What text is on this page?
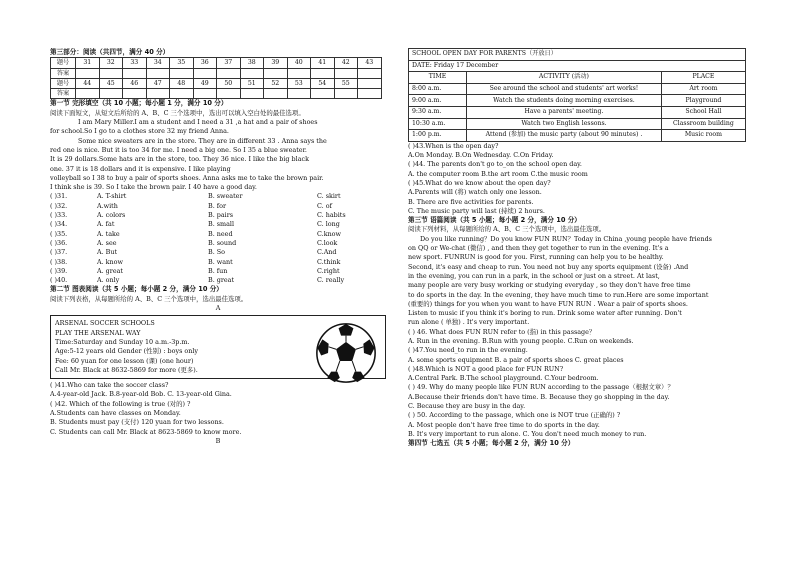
第三部分：阅读（共四节，满分 40 分）
题号	31	32	33	34	35	36	37	38	39	40	41	42	43
答案													
题号	44	45	46	47	48	49	50	51	52	53	54	55	
答案													
第一节 完形填空（共 10 小题；每小题 1 分，满分 10 分）
阅读下面短文，从短文后所给的 A、B、C 三个选项中，选出可以填入空白处的最佳选项。
I am Mary Miller.I am a student and I need a 31 ,a hat and a pair of shoes
for school.So I go to a clothes store 32 my friend Anna.
Some nice sweaters are in the store. They are in different 33 . Anna says the
red one is nice. But it is too 34 for me. I need a big one. So I 35 a blue sweater.
It is 29 dollars.Some hats are in the store, too. They 36 nice. I like the big black
one. 37 it is 18 dollars and it is expensive. I like playing
volleyball so I 38 to buy a pair of sports shoes. Anna asks me to take the brown pair.
I think she is 39. So I take the brown pair. I 40 have a good day.
( )31.	A. T-shirt	B. sweater	C. skirt
( )32.	A.with	B. for	C. of
( )33.	A. colors	B. pairs	C. habits
( )34.	A. fat	B. small	C. long
( )35.	A. take	B. need	C.know
( )36.	A. see	B. sound	C.look
( )37.	A. But	B. So	C.And
( )38.	A. know	B. want	C.think
( )39.	A. great	B. fun	C.right
( )40.	A. only	B. great	C. really
第二节 图表阅读（共 5 小题；每小题 2 分，满分 10 分）
阅读下列表格，从每题所给的 A、B、C 三个选项中，选出最佳选项。
A
ARSENAL SOCCER SCHOOLS
PLAY THE ARSENAL WAY
Time:Saturday and Sunday 10 a.m.-3p.m.
Age:5-12 years old Gender (性别) : boys only
Fee: 60 yuan for one lesson (课) (one hour)
Call Mr. Black at 8632-5869 for more (更多).
( )41.Who can take the soccer class?
A.4-year-old Jack. B.8-year-old Bob. C. 13-year-old Gina.
( )42. Which of the following is true (对的) ?
A.Students can have classes on Monday.
B. Students must pay (支付) 120 yuan for two lessons.
C. Students can call Mr. Black at 8623-5869 to know more.
B
SCHOOL OPEN DAY FOR PARENTS（开放日）		
DATE: Friday 17 December		
TIME	ACTIVITY (活动)	PLACE
8:00 a.m.	See around the school and students' art works!	Art room
9:00 a.m.	Watch the students doing morning exercises.	Playground
9:30 a.m.	Have a parents' meeting.	School Hall
10:30 a.m.	Watch two English lessons.	Classroom building
1:00 p.m.	Attend (参加) the music party (about 90 minutes) .	Music room
( )43.When is the open day?
A.On Monday. B.On Wednesday. C.On Friday.
( )44. The parents don't go to_on the school open day.
A. the computer room B.the art room C.the music room
( )45.What do we know about the open day?
A.Parents will (将) watch only one lesson.
B. There are five activities for parents.
C. The music party will last (持续) 2 hours.
第三节 语篇阅读（共 5 小题；每小题 2 分，满分 10 分）
阅读下列材料，从每题所给的 A、B、C 三个选项中，选出最佳选项。
Do you like running？Do you know FUN RUN？Today in China ,young people have friends
on QQ or We-chat (微信) , and then they get together to run in the evening. It's a
new sport. FUNRUN is good for you. First, running can help you to be healthy.
Second, it's easy and cheap to run. You need not buy any sports equipment (设备) .And
in the evening, you can run in a park, in the school or just on a street. At last,
many people are very busy working or studying everyday , so they don't have free time
to do sports in the day. In the evening, they have much time to run.Here are some important
(重要的) things for you when you want to have FUN RUN . Wear a pair of sports shoes.
Listen to music if you think it's boring to run. Drink some water after running. Don't
run alone ( 单独) . It's very important.
( ) 46. What does FUN RUN refer to (指) in this passage？
A. Run in the evening. B.Run with young people. C.Run on weekends.
( )47.You need_to run in the evening.
A. some sports equipment B. a pair of sports shoes C. great places
( )48.Which is NOT a good place for FUN RUN?
A.Central Park. B.The school playground. C.Your bedroom.
( ) 49. Why do many people like FUN RUN according to the passage（根据文章）？
A.Because their friends don't have time. B. Because they go shopping in the day.
C. Because they are busy in the day.
( ) 50. According to the passage, which one is NOT true (正确的) ?
A. Most people don't have free time to do sports in the day.
B. It's very important to run alone. C. You don't need much money to run.
第四节 七选五（共 5 小题；每小题 2 分，满分 10 分）
